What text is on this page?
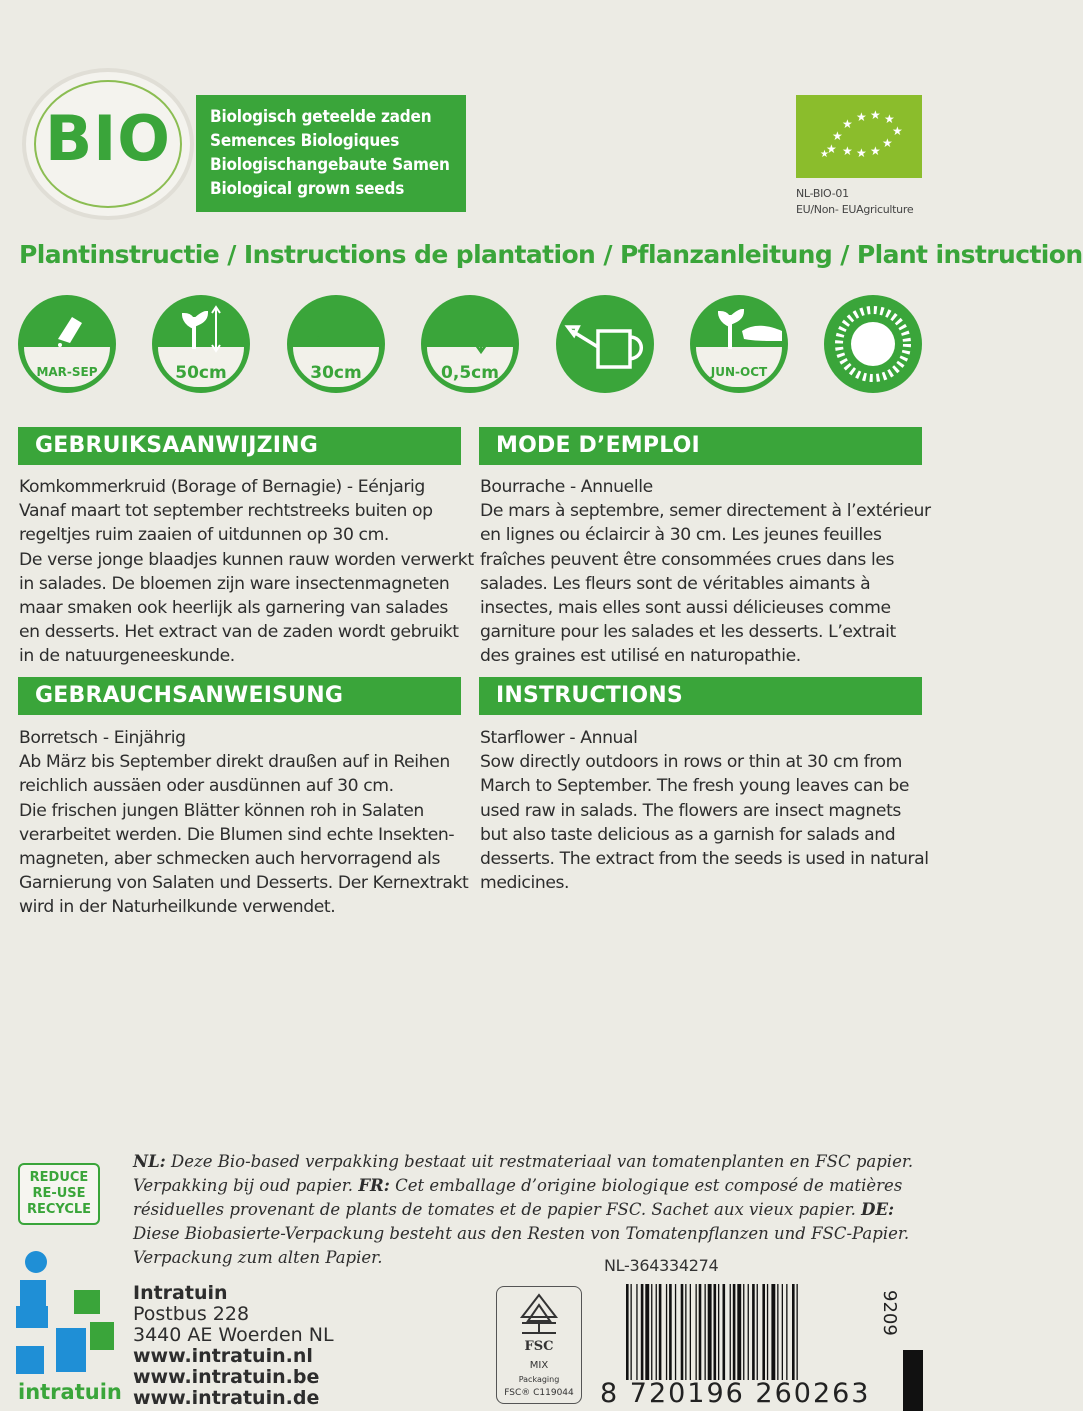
BIO Biologisch geteelde zaden
Semences Biologiques
Biologischangebaute Samen
Biological grown seeds
★
★ ★ ★ ★
★
★
★
★
★
★
★
NL-BIO-01
EU/Non- EUAgriculture
Plantinstructie / Instructions de plantation / Pflanzanleitung / Plant instruction
MAR-SEP	50cm	30cm	0,5cm	JUN-OCT
GEBRUIKSAANWIJZING
Komkommerkruid (Borage of Bernagie) - Eénjarig
Vanaf maart tot september rechtstreeks buiten op
regeltjes ruim zaaien of uitdunnen op 30 cm.
De verse jonge blaadjes kunnen rauw worden verwerkt
in salades. De bloemen zijn ware insectenmagneten
maar smaken ook heerlijk als garnering van salades
en desserts. Het extract van de zaden wordt gebruikt
in de natuurgeneeskunde.
MODE D’EMPLOI
Bourrache - Annuelle
De mars à septembre, semer directement à l’extérieur
en lignes ou éclaircir à 30 cm. Les jeunes feuilles
fraîches peuvent être consommées crues dans les
salades. Les fleurs sont de véritables aimants à
insectes, mais elles sont aussi délicieuses comme
garniture pour les salades et les desserts. L’extrait
des graines est utilisé en naturopathie.
GEBRAUCHSANWEISUNG
Borretsch - Einjährig
Ab März bis September direkt draußen auf in Reihen
reichlich aussäen oder ausdünnen auf 30 cm.
Die frischen jungen Blätter können roh in Salaten
verarbeitet werden. Die Blumen sind echte Insekten-
magneten, aber schmecken auch hervorragend als
Garnierung von Salaten und Desserts. Der Kernextrakt
wird in der Naturheilkunde verwendet.
INSTRUCTIONS
Starflower - Annual
Sow directly outdoors in rows or thin at 30 cm from
March to September. The fresh young leaves can be
used raw in salads. The flowers are insect magnets
but also taste delicious as a garnish for salads and
desserts. The extract from the seeds is used in natural
medicines.
REDUCE
RE-USE
RECYCLE
NL: Deze Bio-based verpakking bestaat uit restmateriaal van tomatenplanten en FSC papier. Verpakking bij oud papier. FR: Cet emballage d’origine biologique est composé de matières résiduelles provenant de plants de tomates et de papier FSC. Sachet aux vieux papier. DE: Diese Biobasierte-Verpackung besteht aus den Resten von Tomatenpflanzen und FSC-Papier. Verpackung zum alten Papier.
intratuin
Intratuin
Postbus 228
3440 AE Woerden NL
www.intratuin.nl
www.intratuin.be
www.intratuin.de
FSC
MIX
Packaging
FSC® C119044
NL-364334274
8 720196 260263
9209
